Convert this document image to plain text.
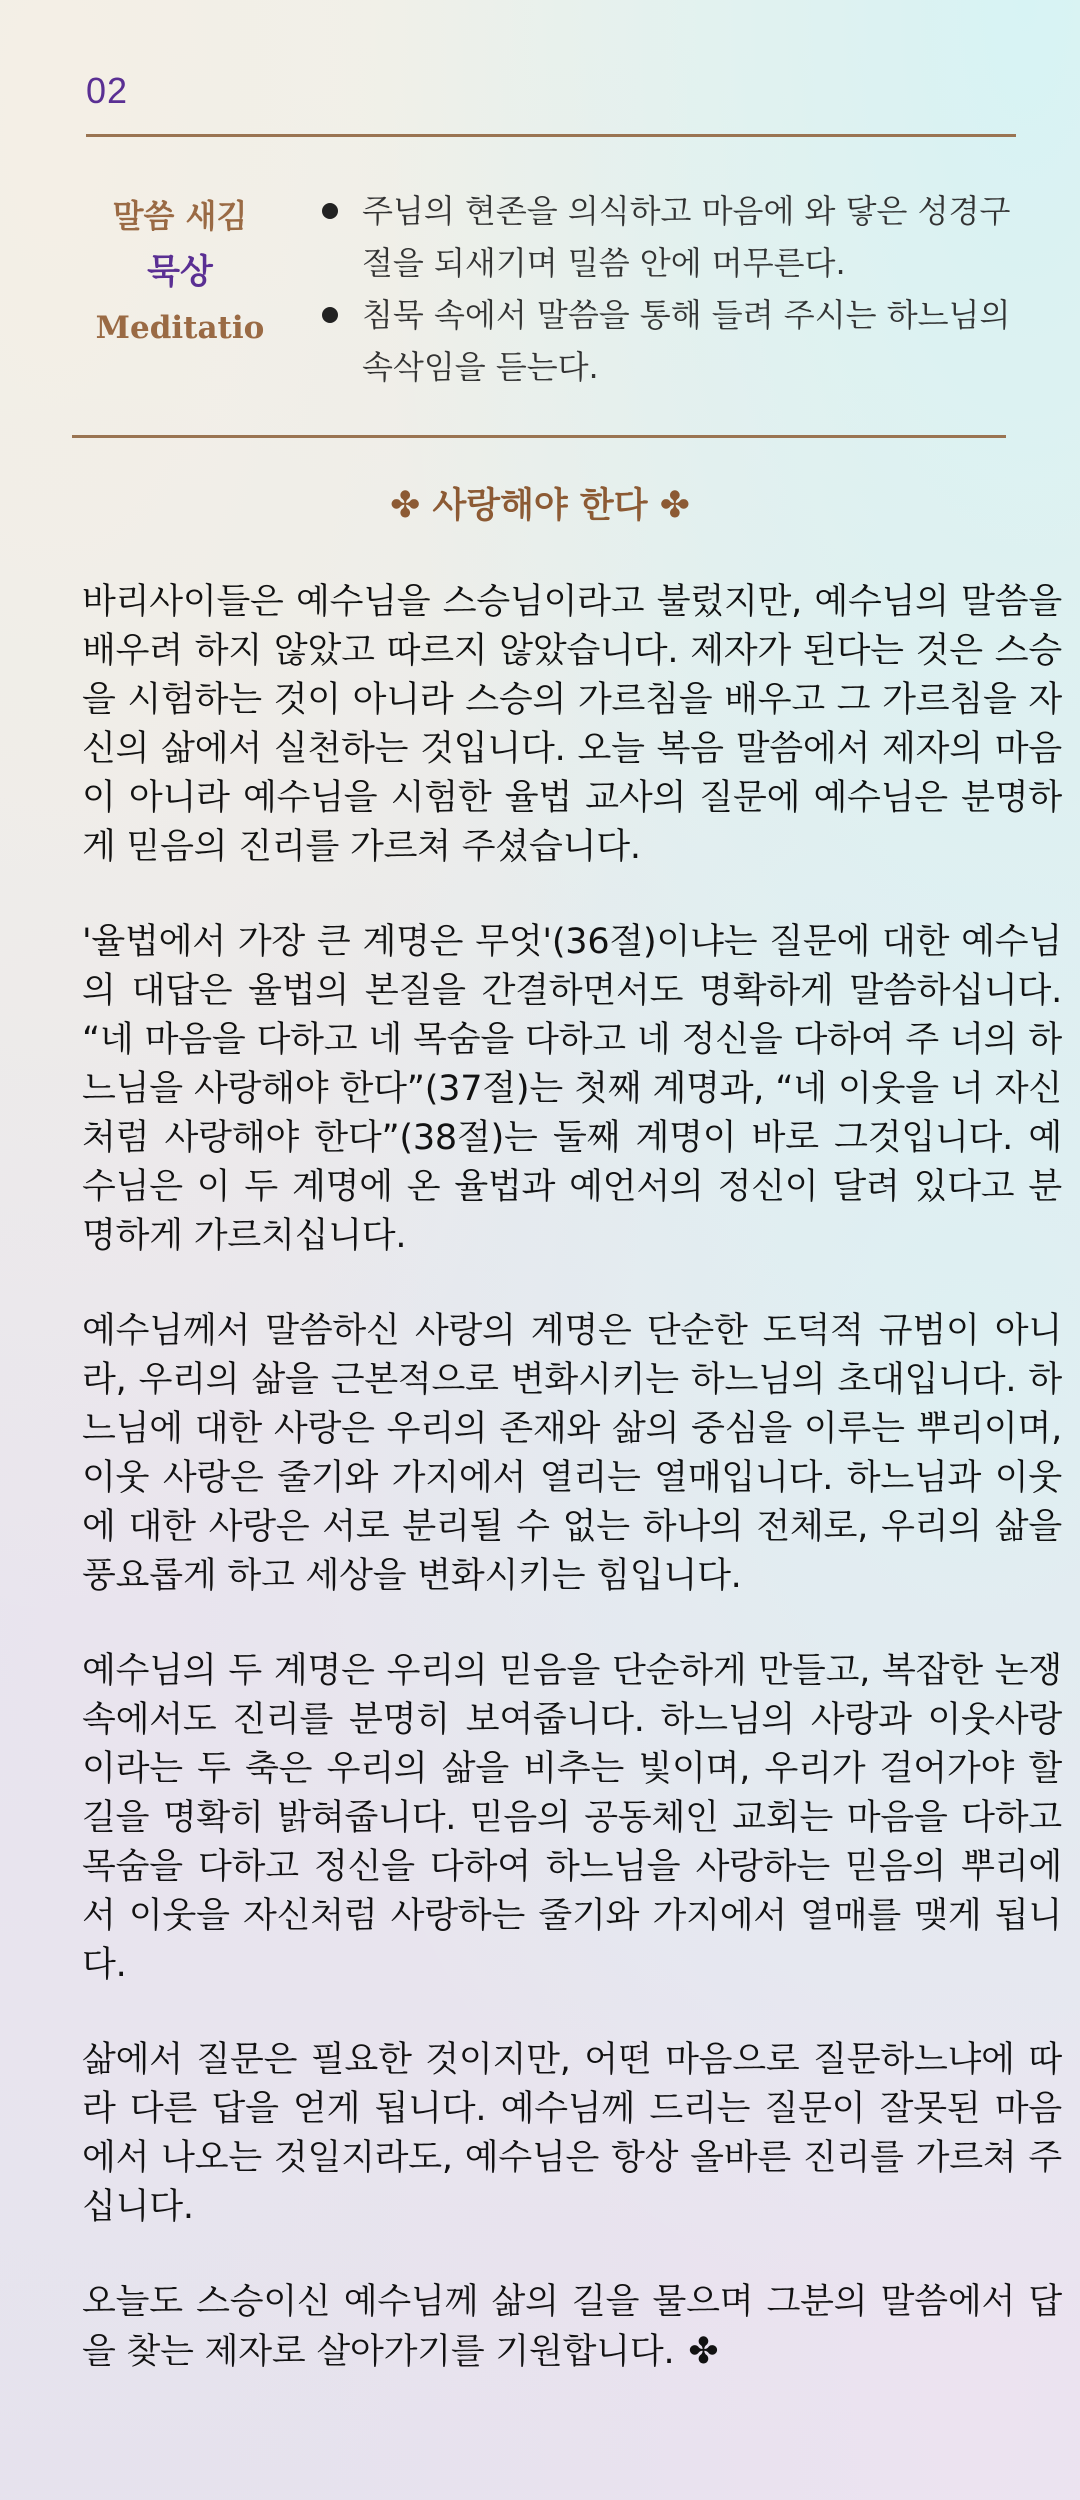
02
말씀 새김
묵상
Meditatio
주님의 현존을 의식하고 마음에 와 닿은 성경구절을 되새기며 밀씀 안에 머무른다.
침묵 속에서 말씀을 통해 들려 주시는 하느님의 속삭임을 듣는다.
✤ 사랑해야 한다 ✤

바리사이들은 예수님을 스승님이라고 불렀지만, 예수님의 말씀을 배우려 하지 않았고 따르지 않았습니다. 제자가 된다는 것은 스승을 시험하는 것이 아니라 스승의 가르침을 배우고 그 가르침을 자신의 삶에서 실천하는 것입니다. 오늘 복음 말씀에서 제자의 마음이 아니라 예수님을 시험한 율법 교사의 질문에 예수님은 분명하게 믿음의 진리를 가르쳐 주셨습니다.

'율법에서 가장 큰 계명은 무엇'(36절)이냐는 질문에 대한 예수님의 대답은 율법의 본질을 간결하면서도 명확하게 말씀하십니다. “네 마음을 다하고 네 목숨을 다하고 네 정신을 다하여 주 너의 하느님을 사랑해야 한다”(37절)는 첫째 계명과, “네 이웃을 너 자신처럼 사랑해야 한다”(38절)는 둘째 계명이 바로 그것입니다. 예수님은 이 두 계명에 온 율법과 예언서의 정신이 달려 있다고 분명하게 가르치십니다.

예수님께서 말씀하신 사랑의 계명은 단순한 도덕적 규범이 아니라, 우리의 삶을 근본적으로 변화시키는 하느님의 초대입니다. 하느님에 대한 사랑은 우리의 존재와 삶의 중심을 이루는 뿌리이며, 이웃 사랑은 줄기와 가지에서 열리는 열매입니다. 하느님과 이웃에 대한 사랑은 서로 분리될 수 없는 하나의 전체로, 우리의 삶을 풍요롭게 하고 세상을 변화시키는 힘입니다.

예수님의 두 계명은 우리의 믿음을 단순하게 만들고, 복잡한 논쟁 속에서도 진리를 분명히 보여줍니다. 하느님의 사랑과 이웃사랑이라는 두 축은 우리의 삶을 비추는 빛이며, 우리가 걸어가야 할 길을 명확히 밝혀줍니다. 믿음의 공동체인 교회는 마음을 다하고 목숨을 다하고 정신을 다하여 하느님을 사랑하는 믿음의 뿌리에서 이웃을 자신처럼 사랑하는 줄기와 가지에서 열매를 맺게 됩니다.

삶에서 질문은 필요한 것이지만, 어떤 마음으로 질문하느냐에 따라 다른 답을 얻게 됩니다. 예수님께 드리는 질문이 잘못된 마음에서 나오는 것일지라도, 예수님은 항상 올바른 진리를 가르쳐 주십니다.

오늘도 스승이신 예수님께 삶의 길을 물으며 그분의 말씀에서 답을 찾는 제자로 살아가기를 기원합니다. ✤
